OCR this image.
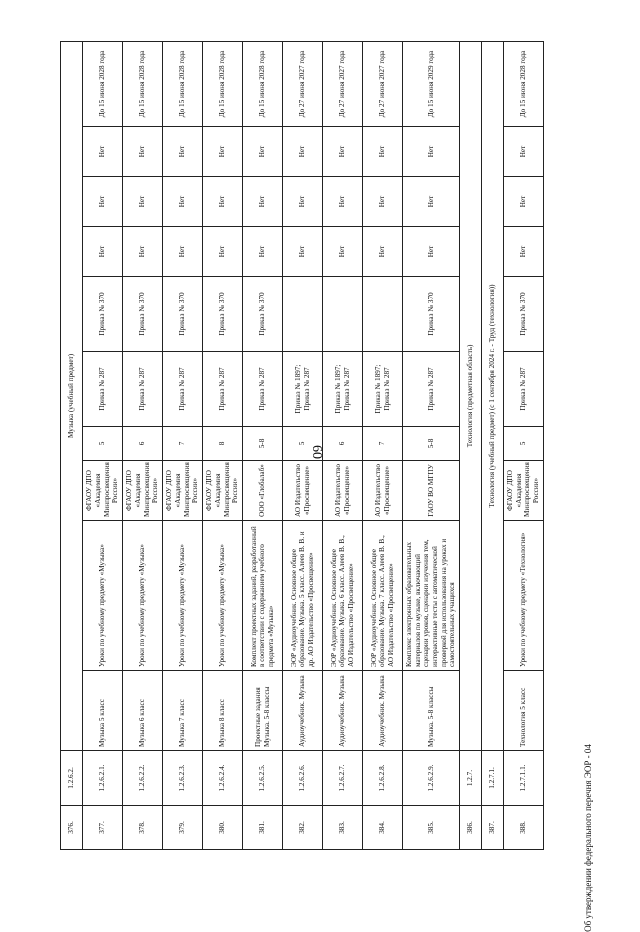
60
376.	1.2.6.2.	Музыка (учебный предмет)									
377.	1.2.6.2.1.	Музыка 5 класс	Уроки по учебному предмету «Музыка»	ФГАОУ ДПО «Академия Минпросвещения России»	5	Приказ № 287	Приказ № 370	Нет	Нет	Нет	До 15 июня 2028 года
378.	1.2.6.2.2.	Музыка 6 класс	Уроки по учебному предмету «Музыка»	ФГАОУ ДПО «Академия Минпросвещения России»	6	Приказ № 287	Приказ № 370	Нет	Нет	Нет	До 15 июня 2028 года
379.	1.2.6.2.3.	Музыка 7 класс	Уроки по учебному предмету «Музыка»	ФГАОУ ДПО «Академия Минпросвещения России»	7	Приказ № 287	Приказ № 370	Нет	Нет	Нет	До 15 июня 2028 года
380.	1.2.6.2.4.	Музыка 8 класс	Уроки по учебному предмету «Музыка»	ФГАОУ ДПО «Академия Минпросвещения России»	8	Приказ № 287	Приказ № 370	Нет	Нет	Нет	До 15 июня 2028 года
381.	1.2.6.2.5.	Проектные задания Музыка. 5-8 классы	Комплект проектных заданий, разработанный в соответствии с содержанием учебного предмета «Музыка»	ООО «Глобалаб»	5-8	Приказ № 287	Приказ № 370	Нет	Нет	Нет	До 15 июня 2028 года
382.	1.2.6.2.6.	Аудиоучебник. Музыка	ЭОР «Аудиоучебник. Основное общее образование. Музыка. 5 класс. Алеев В. В. и др. АО Издательство «Просвещение»	АО Издательство «Просвещение»	5	Приказ № 1897; Приказ № 287		Нет	Нет	Нет	До 27 июня 2027 года
383.	1.2.6.2.7.	Аудиоучебник. Музыка	ЭОР «Аудиоучебник. Основное общее образование. Музыка. 6 класс. Алеев В. В., АО Издательство «Просвещение»	АО Издательство «Просвещение»	6	Приказ № 1897; Приказ № 287		Нет	Нет	Нет	До 27 июня 2027 года
384.	1.2.6.2.8.	Аудиоучебник. Музыка	ЭОР «Аудиоучебник. Основное общее образование. Музыка. 7 класс. Алеев В. В., АО Издательство «Просвещение»	АО Издательство «Просвещение»	7	Приказ № 1897; Приказ № 287		Нет	Нет	Нет	До 27 июня 2027 года
385.	1.2.6.2.9.	Музыка. 5-8 классы	Комплекс электронных образовательных материалов по музыке, включающий сценарии уроков, сценарии изучения тем, интерактивные тесты с автоматической проверкой для использования на уроках и самостоятельных учащихся	ГАОУ ВО МГПУ	5-8	Приказ № 287	Приказ № 370	Нет	Нет	Нет	До 15 июня 2029 года
386.	1.2.7.	Технология (предметная область)									
387.	1.2.7.1.	Технология (учебный предмет) (с 1 сентября 2024 г. - Труд (технология))									
388.	1.2.7.1.1.	Технология 5 класс	Уроки по учебному предмету «Технология»	ФГАОУ ДПО «Академия Минпросвещения России»	5	Приказ № 287	Приказ № 370	Нет	Нет	Нет	До 15 июня 2028 года
Об утверждении федерального перечня ЭОР - 04
